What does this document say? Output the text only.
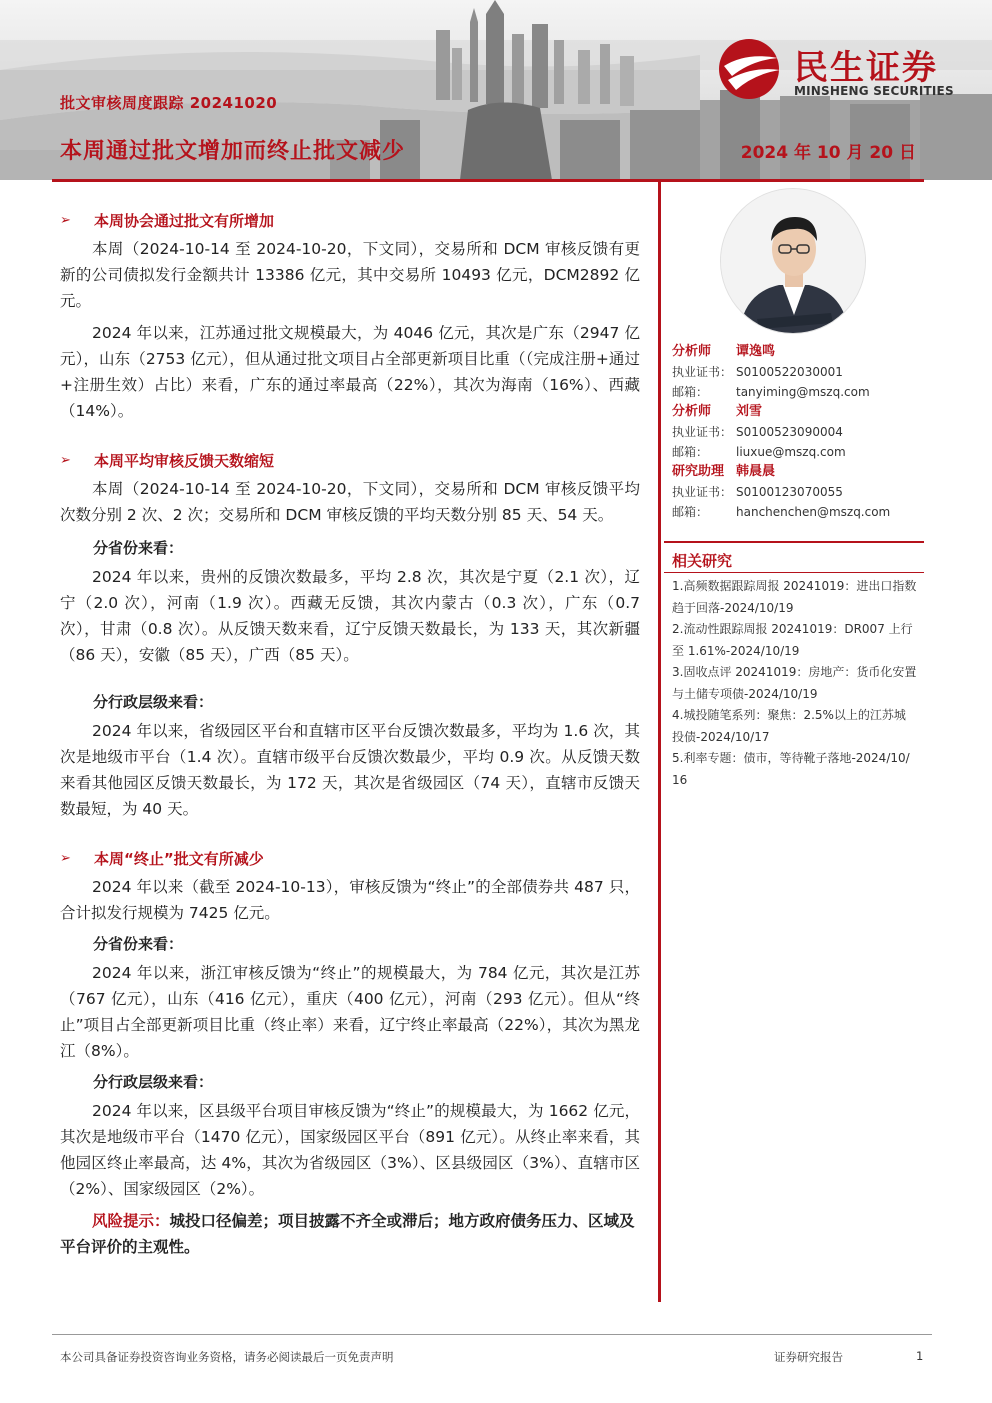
批文审核周度跟踪 20241020
本周通过批文增加而终止批文减少	2024 年 10 月 20 日
民生证券
MINSHENG SECURITIES
➢	本周协会通过批文有所增加

本周（2024-10-14 至 2024-10-20，下文同），交易所和 DCM 审核反馈有更新的公司债拟发行金额共计 13386 亿元，其中交易所 10493 亿元，DCM2892 亿元。

2024 年以来，江苏通过批文规模最大，为 4046 亿元，其次是广东（2947 亿元），山东（2753 亿元），但从通过批文项目占全部更新项目比重（（完成注册+通过+注册生效）占比）来看，广东的通过率最高（22%），其次为海南（16%）、西藏（14%）。

➢	本周平均审核反馈天数缩短

本周（2024-10-14 至 2024-10-20，下文同），交易所和 DCM 审核反馈平均次数分别 2 次、2 次；交易所和 DCM 审核反馈的平均天数分别 85 天、54 天。

分省份来看：

2024 年以来，贵州的反馈次数最多，平均 2.8 次，其次是宁夏（2.1 次），辽宁（2.0 次），河南（1.9 次）。西藏无反馈，其次内蒙古（0.3 次），广东（0.7 次），甘肃（0.8 次）。从反馈天数来看，辽宁反馈天数最长，为 133 天，其次新疆（86 天），安徽（85 天），广西（85 天）。

分行政层级来看：

2024 年以来，省级园区平台和直辖市区平台反馈次数最多，平均为 1.6 次，其次是地级市平台（1.4 次）。直辖市级平台反馈次数最少，平均 0.9 次。从反馈天数来看其他园区反馈天数最长，为 172 天，其次是省级园区（74 天），直辖市反馈天数最短，为 40 天。

➢	本周“终止”批文有所减少

2024 年以来（截至 2024-10-13），审核反馈为“终止”的全部债券共 487 只，合计拟发行规模为 7425 亿元。

分省份来看：

2024 年以来，浙江审核反馈为“终止”的规模最大，为 784 亿元，其次是江苏（767 亿元），山东（416 亿元），重庆（400 亿元），河南（293 亿元）。但从“终止”项目占全部更新项目比重（终止率）来看，辽宁终止率最高（22%），其次为黑龙江（8%）。

分行政层级来看：

2024 年以来，区县级平台项目审核反馈为“终止”的规模最大，为 1662 亿元，其次是地级市平台（1470 亿元），国家级园区平台（891 亿元）。从终止率来看，其他园区终止率最高，达 4%，其次为省级园区（3%）、区县级园区（3%）、直辖市区（2%）、国家级园区（2%）。

风险提示：城投口径偏差；项目披露不齐全或滞后；地方政府债务压力、区域及平台评价的主观性。

分析师	谭逸鸣
执业证书： S0100522030001
邮箱：	tanyiming@mszq.com
分析师	刘雪
执业证书： S0100523090004
邮箱：	liuxue@mszq.com
研究助理 韩晨晨
执业证书： S0100123070055
邮箱：	hanchenchen@mszq.com
相关研究
1.高频数据跟踪周报 20241019：进出口指数
趋于回落-2024/10/19
2.流动性跟踪周报 20241019：DR007 上行
至 1.61%-2024/10/19
3.固收点评 20241019：房地产：货币化安置
与土储专项债-2024/10/19
4.城投随笔系列：聚焦：2.5%以上的江苏城
投债-2024/10/17
5.利率专题：债市，等待靴子落地-2024/10/
16
本公司具备证券投资咨询业务资格，请务必阅读最后一页免责声明	证券研究报告	1
